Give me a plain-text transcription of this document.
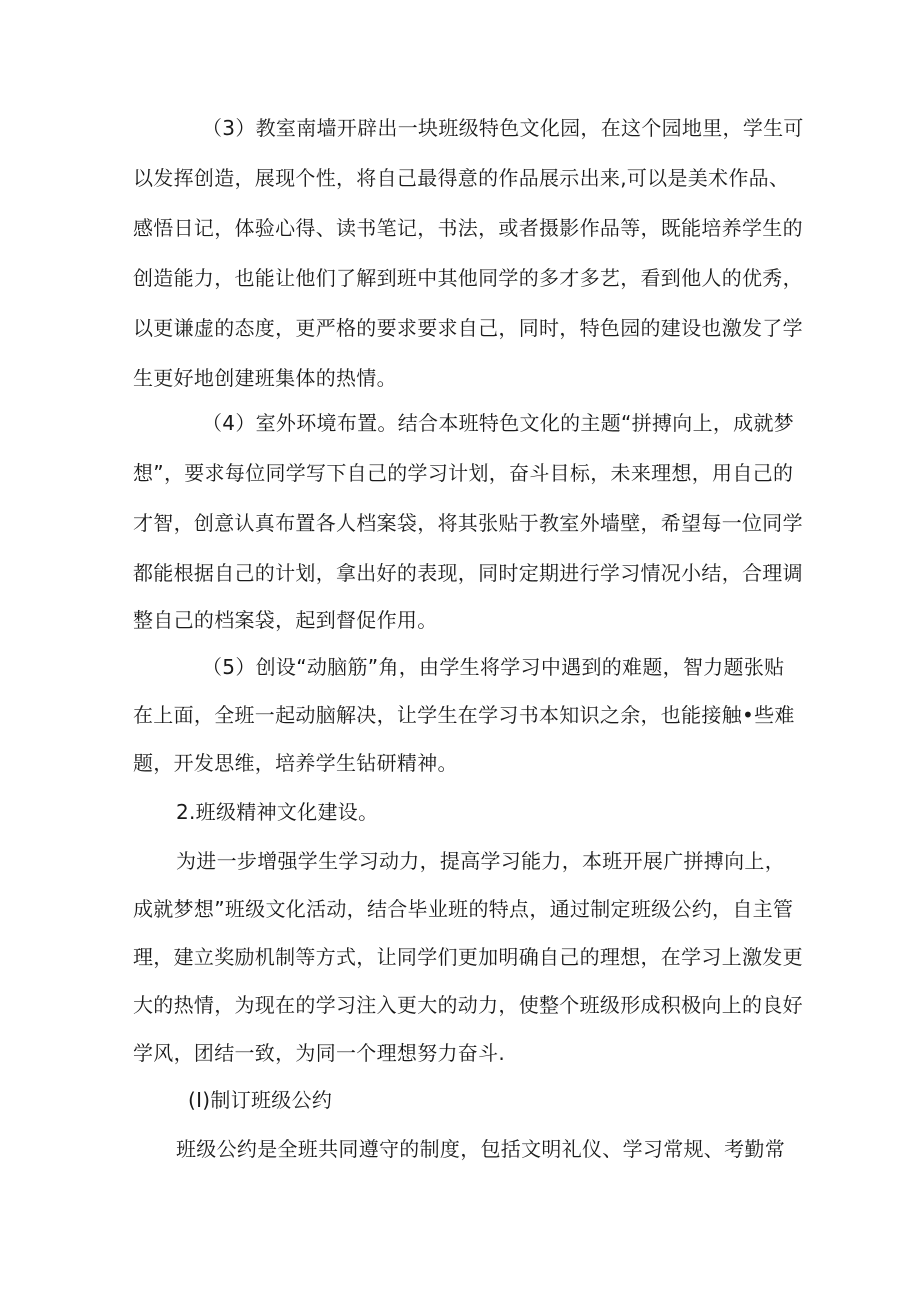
（3）教室南墙开辟出一块班级特色文化园，在这个园地里，学生可
以发挥创造，展现个性，将自己最得意的作品展示出来,可以是美术作品、
感悟日记，体验心得、读书笔记，书法，或者摄影作品等，既能培养学生的
创造能力，也能让他们了解到班中其他同学的多才多艺，看到他人的优秀，
以更谦虚的态度，更严格的要求要求自己，同时，特色园的建设也激发了学
生更好地创建班集体的热情。
（4）室外环境布置。结合本班特色文化的主题“拼搏向上，成就梦
想”，要求每位同学写下自己的学习计划，奋斗目标，未来理想，用自己的
才智，创意认真布置各人档案袋，将其张贴于教室外墙壁，希望每一位同学
都能根据自己的计划，拿出好的表现，同时定期进行学习情况小结，合理调
整自己的档案袋，起到督促作用。
（5）创设“动脑筋”角，由学生将学习中遇到的难题，智力题张贴
在上面，全班一起动脑解决，让学生在学习书本知识之余，也能接触•些难
题，开发思维，培养学生钻研精神。
2.班级精神文化建设。
为进一步增强学生学习动力，提高学习能力，本班开展广拼搏向上，
成就梦想”班级文化活动，结合毕业班的特点，通过制定班级公约，自主管
理，建立奖励机制等方式，让同学们更加明确自己的理想，在学习上激发更
大的热情，为现在的学习注入更大的动力，使整个班级形成积极向上的良好
学风，团结一致，为同一个理想努力奋斗.
(I)制订班级公约
班级公约是全班共同遵守的制度，包括文明礼仪、学习常规、考勤常
